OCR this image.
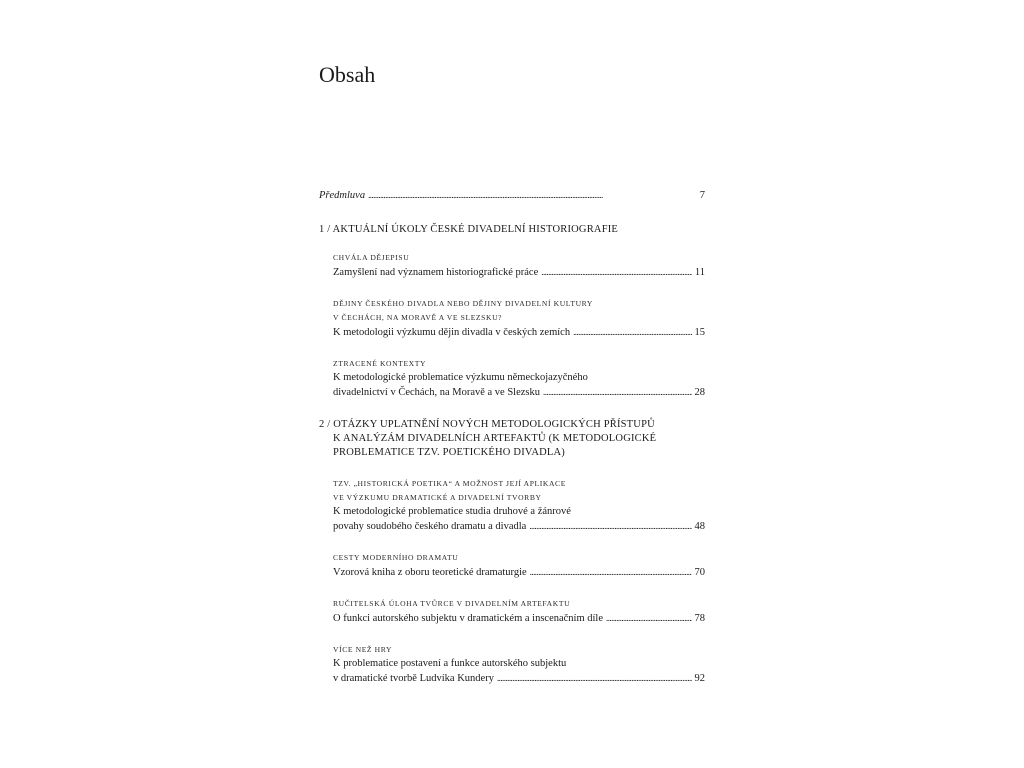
Obsah
Předmluva . . .	7
1 / AKTUÁLNÍ ÚKOLY ČESKÉ DIVADELNÍ HISTORIOGRAFIE
CHVÁLA DĚJEPISU
Zamyšlení nad významem historiografické práce . . .	11
DĚJINY ČESKÉHO DIVADLA NEBO DĚJINY DIVADELNÍ KULTURY
V ČECHÁCH, NA MORAVĚ A VE SLEZSKU?
K metodologii výzkumu dějin divadla v českých zemích . . .	15
ZTRACENÉ KONTEXTY
K metodologické problematice výzkumu německojazyčného
divadelnictví v Čechách, na Moravě a ve Slezsku . . .	28
2 / OTÁZKY UPLATNĚNÍ NOVÝCH METODOLOGICKÝCH PŘÍSTUPŮ
K ANALÝZÁM DIVADELNÍCH ARTEFAKTŮ (K METODOLOGICKÉ
PROBLEMATICE TZV. POETICKÉHO DIVADLA)
TZV. „HISTORICKÁ POETIKA“ A MOŽNOST JEJÍ APLIKACE
VE VÝZKUMU DRAMATICKÉ A DIVADELNÍ TVORBY
K metodologické problematice studia druhové a žánrové
povahy soudobého českého dramatu a divadla . . .	48
CESTY MODERNÍHO DRAMATU
Vzorová kniha z oboru teoretické dramaturgie . . .	70
RUČITELSKÁ ÚLOHA TVŮRCE V DIVADELNÍM ARTEFAKTU
O funkci autorského subjektu v dramatickém a inscenačním díle . . .	78
VÍCE NEŽ HRY
K problematice postavení a funkce autorského subjektu
v dramatické tvorbě Ludvíka Kundery . . .	92
